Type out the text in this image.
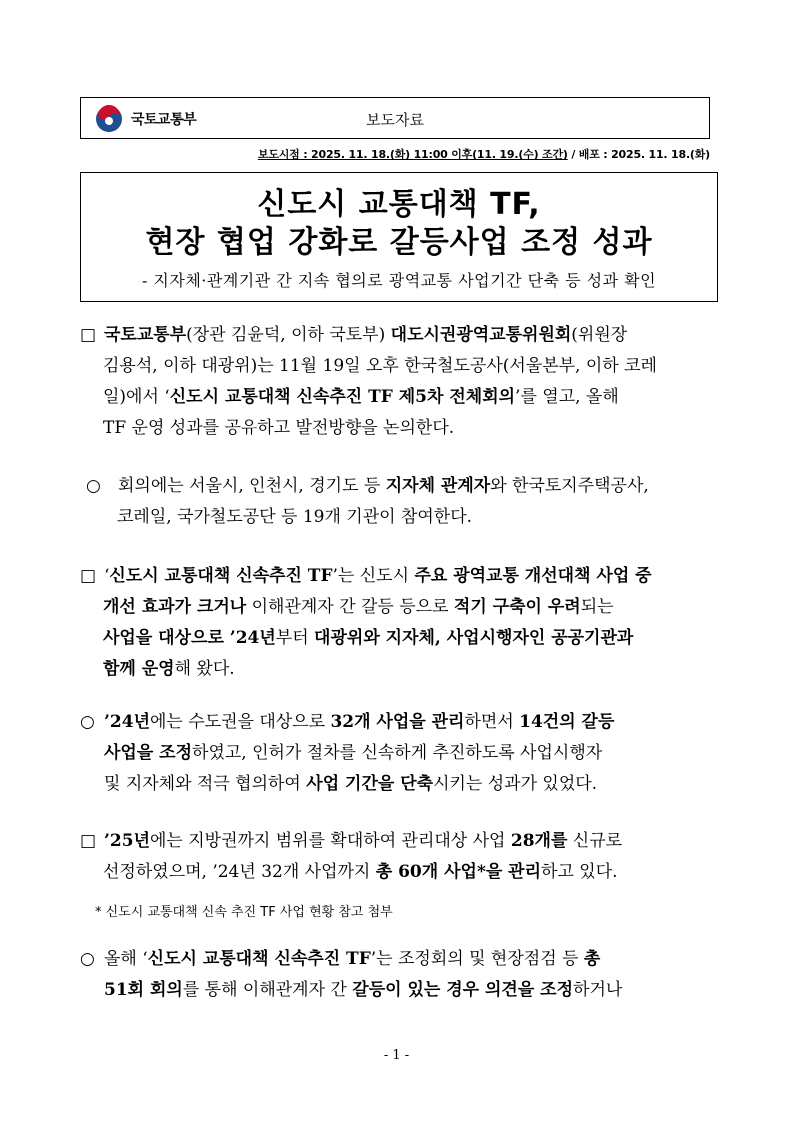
국토교통부	보도자료
보도시점 : 2025. 11. 18.(화) 11:00 이후(11. 19.(수) 조간) / 배포 : 2025. 11. 18.(화)
신도시 교통대책 TF,
현장 협업 강화로 갈등사업 조정 성과
- 지자체·관계기관 간 지속 협의로 광역교통 사업기간 단축 등 성과 확인
□ 국토교통부(장관 김윤덕, 이하 국토부) 대도시권광역교통위원회(위원장
김용석, 이하 대광위)는 11월 19일 오후 한국철도공사(서울본부, 이하 코레
일)에서 ‘신도시 교통대책 신속추진 TF 제5차 전체회의’를 열고, 올해
TF 운영 성과를 공유하고 발전방향을 논의한다.
○ 회의에는 서울시, 인천시, 경기도 등 지자체 관계자와 한국토지주택공사,
코레일, 국가철도공단 등 19개 기관이 참여한다.
□ ‘신도시 교통대책 신속추진 TF’는 신도시 주요 광역교통 개선대책 사업 중
개선 효과가 크거나 이해관계자 간 갈등 등으로 적기 구축이 우려되는
사업을 대상으로 ’24년부터 대광위와 지자체, 사업시행자인 공공기관과
함께 운영해 왔다.
○ ’24년에는 수도권을 대상으로 32개 사업을 관리하면서 14건의 갈등
사업을 조정하였고, 인허가 절차를 신속하게 추진하도록 사업시행자
및 지자체와 적극 협의하여 사업 기간을 단축시키는 성과가 있었다.
□ ’25년에는 지방권까지 범위를 확대하여 관리대상 사업 28개를 신규로
선정하였으며, ’24년 32개 사업까지 총 60개 사업*을 관리하고 있다.
* 신도시 교통대책 신속 추진 TF 사업 현황 참고 첨부
○ 올해 ‘신도시 교통대책 신속추진 TF’는 조정회의 및 현장점검 등 총
51회 회의를 통해 이해관계자 간 갈등이 있는 경우 의견을 조정하거나
- 1 -
